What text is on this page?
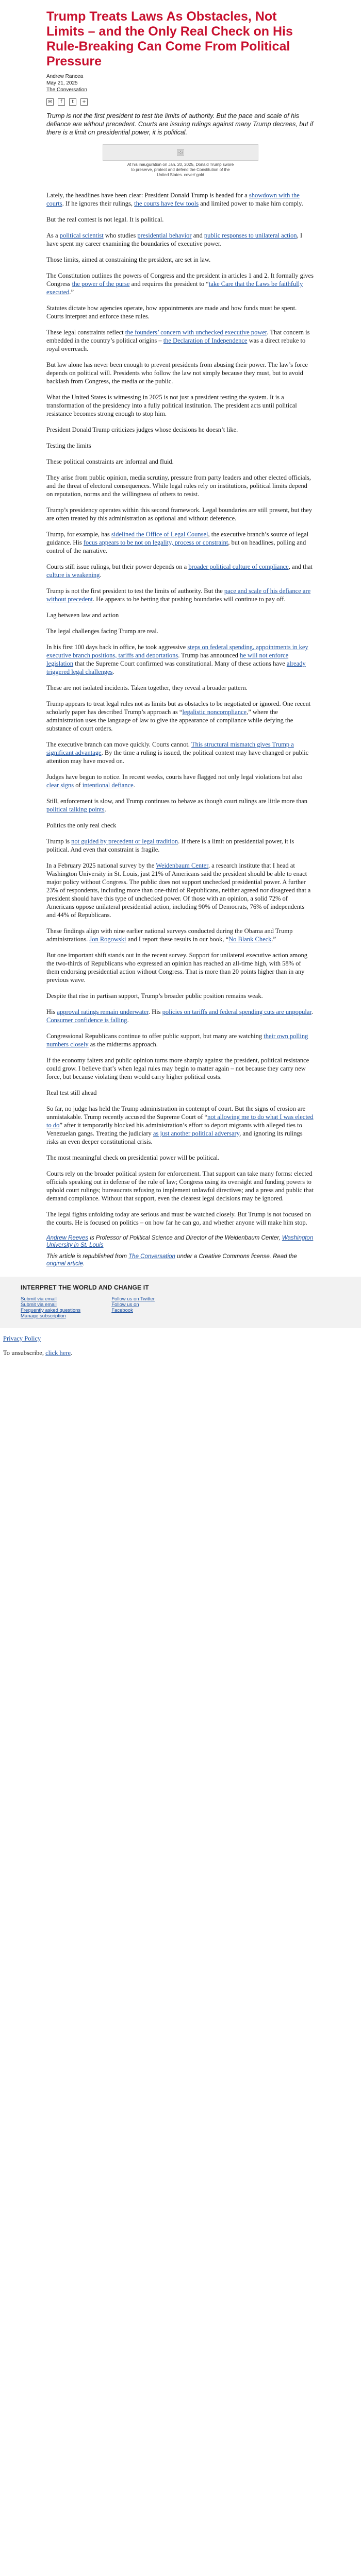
Trump Treats Laws As Obstacles, Not Limits – and the Only Real Check on His Rule-Breaking Can Come From Political Pressure
Andrew Rancea
May 21, 2025
The Conversation
✉	f	t	+

Trump is not the first president to test the limits of authority. But the pace and scale of his defiance are without precedent. Courts are issuing rulings against many Trump decrees, but if there is a limit on presidential power, it is political.

🖼
At his inauguration on Jan. 20, 2025, Donald Trump swore to preserve, protect and defend the Constitution of the United States. cover/ gold

Lately, the headlines have been clear: President Donald Trump is headed for a showdown with the courts. If he ignores their rulings, the courts have few tools and limited power to make him comply.

But the real contest is not legal. It is political.

As a political scientist who studies presidential behavior and public responses to unilateral action, I have spent my career examining the boundaries of executive power.

Those limits, aimed at constraining the president, are set in law.

The Constitution outlines the powers of Congress and the president in articles 1 and 2. It formally gives Congress the power of the purse and requires the president to “take Care that the Laws be faithfully executed.”

Statutes dictate how agencies operate, how appointments are made and how funds must be spent. Courts interpret and enforce these rules.

These legal constraints reflect the founders’ concern with unchecked executive power. That concern is embedded in the country’s political origins – the Declaration of Independence was a direct rebuke to royal overreach.

But law alone has never been enough to prevent presidents from abusing their power. The law’s force depends on political will. Presidents who follow the law not simply because they must, but to avoid backlash from Congress, the media or the public.

What the United States is witnessing in 2025 is not just a president testing the system. It is a transformation of the presidency into a fully political institution. The president acts until political resistance becomes strong enough to stop him.

President Donald Trump criticizes judges whose decisions he doesn’t like.

Testing the limits

These political constraints are informal and fluid.

They arise from public opinion, media scrutiny, pressure from party leaders and other elected officials, and the threat of electoral consequences. While legal rules rely on institutions, political limits depend on reputation, norms and the willingness of others to resist.

Trump’s presidency operates within this second framework. Legal boundaries are still present, but they are often treated by this administration as optional and without deference.

Trump, for example, has sidelined the Office of Legal Counsel, the executive branch’s source of legal guidance. His focus appears to be not on legality, process or constraint, but on headlines, polling and control of the narrative.

Courts still issue rulings, but their power depends on a broader political culture of compliance, and that culture is weakening.

Trump is not the first president to test the limits of authority. But the pace and scale of his defiance are without precedent. He appears to be betting that pushing boundaries will continue to pay off.

Lag between law and action

The legal challenges facing Trump are real.

In his first 100 days back in office, he took aggressive steps on federal spending, appointments in key executive branch positions, tariffs and deportations. Trump has announced he will not enforce legislation that the Supreme Court confirmed was constitutional. Many of these actions have already triggered legal challenges.

These are not isolated incidents. Taken together, they reveal a broader pattern.

Trump appears to treat legal rules not as limits but as obstacles to be negotiated or ignored. One recent scholarly paper has described Trump’s approach as “legalistic noncompliance,” where the administration uses the language of law to give the appearance of compliance while defying the substance of court orders.

The executive branch can move quickly. Courts cannot. This structural mismatch gives Trump a significant advantage. By the time a ruling is issued, the political context may have changed or public attention may have moved on.

Judges have begun to notice. In recent weeks, courts have flagged not only legal violations but also clear signs of intentional defiance.

Still, enforcement is slow, and Trump continues to behave as though court rulings are little more than political talking points.

Politics the only real check

Trump is not guided by precedent or legal tradition. If there is a limit on presidential power, it is political. And even that constraint is fragile.

In a February 2025 national survey by the Weidenbaum Center, a research institute that I head at Washington University in St. Louis, just 21% of Americans said the president should be able to enact major policy without Congress. The public does not support unchecked presidential power. A further 23% of respondents, including more than one-third of Republicans, neither agreed nor disagreed that a president should have this type of unchecked power. Of those with an opinion, a solid 72% of Americans oppose unilateral presidential action, including 90% of Democrats, 76% of independents and 44% of Republicans.

These findings align with nine earlier national surveys conducted during the Obama and Trump administrations. Jon Rogowski and I report these results in our book, “No Blank Check.”

But one important shift stands out in the recent survey. Support for unilateral executive action among the two-thirds of Republicans who expressed an opinion has reached an all-time high, with 58% of them endorsing presidential action without Congress. That is more than 20 points higher than in any previous wave.

Despite that rise in partisan support, Trump’s broader public position remains weak.

His approval ratings remain underwater. His policies on tariffs and federal spending cuts are unpopular. Consumer confidence is falling.

Congressional Republicans continue to offer public support, but many are watching their own polling numbers closely as the midterms approach.

If the economy falters and public opinion turns more sharply against the president, political resistance could grow. I believe that’s when legal rules may begin to matter again – not because they carry new force, but because violating them would carry higher political costs.

Real test still ahead

So far, no judge has held the Trump administration in contempt of court. But the signs of erosion are unmistakable. Trump recently accused the Supreme Court of “not allowing me to do what I was elected to do” after it temporarily blocked his administration’s effort to deport migrants with alleged ties to Venezuelan gangs. Treating the judiciary as just another political adversary, and ignoring its rulings risks an even deeper constitutional crisis.

The most meaningful check on presidential power will be political.

Courts rely on the broader political system for enforcement. That support can take many forms: elected officials speaking out in defense of the rule of law; Congress using its oversight and funding powers to uphold court rulings; bureaucrats refusing to implement unlawful directives; and a press and public that demand compliance. Without that support, even the clearest legal decisions may be ignored.

The legal fights unfolding today are serious and must be watched closely. But Trump is not focused on the courts. He is focused on politics – on how far he can go, and whether anyone will make him stop.

Andrew Reeves is Professor of Political Science and Director of the Weidenbaum Center, Washington University in St. Louis
This article is republished from The Conversation under a Creative Commons license. Read the original article.
INTERPRET THE WORLD AND CHANGE IT
Submit via email
Submit via email
Frequently asked questions
Manage subscription
Follow us on Twitter
Follow us on
Facebook
Privacy Policy
To unsubscribe, click here.
